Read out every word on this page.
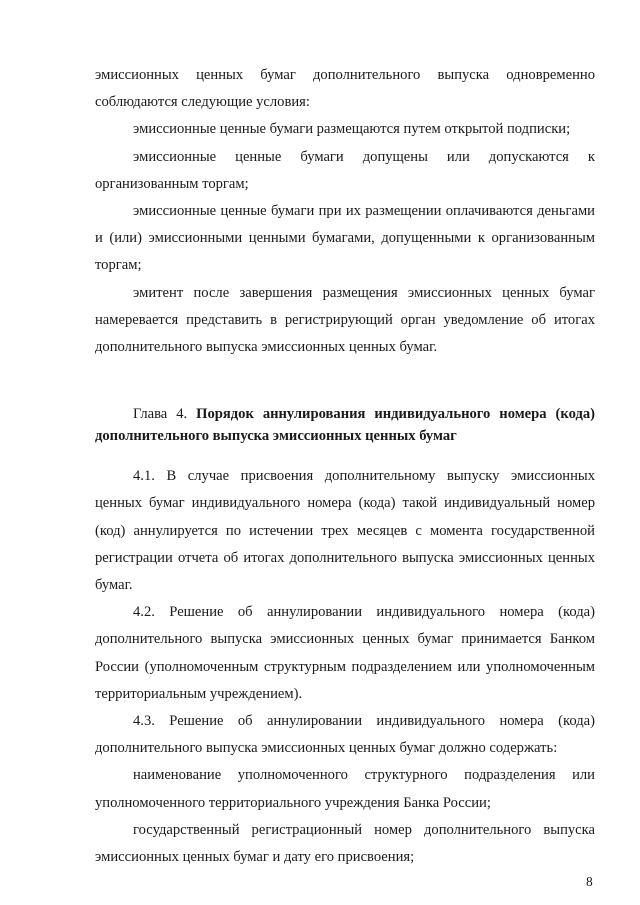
эмиссионных ценных бумаг дополнительного выпуска одновременно соблюдаются следующие условия:

эмиссионные ценные бумаги размещаются путем открытой подписки;

эмиссионные ценные бумаги допущены или допускаются к организованным торгам;

эмиссионные ценные бумаги при их размещении оплачиваются деньгами и (или) эмиссионными ценными бумагами, допущенными к организованным торгам;

эмитент после завершения размещения эмиссионных ценных бумаг намеревается представить в регистрирующий орган уведомление об итогах дополнительного выпуска эмиссионных ценных бумаг.

Глава 4. Порядок аннулирования индивидуального номера (кода) дополнительного выпуска эмиссионных ценных бумаг

4.1. В случае присвоения дополнительному выпуску эмиссионных ценных бумаг индивидуального номера (кода) такой индивидуальный номер (код) аннулируется по истечении трех месяцев с момента государственной регистрации отчета об итогах дополнительного выпуска эмиссионных ценных бумаг.

4.2. Решение об аннулировании индивидуального номера (кода) дополнительного выпуска эмиссионных ценных бумаг принимается Банком России (уполномоченным структурным подразделением или уполномоченным территориальным учреждением).

4.3. Решение об аннулировании индивидуального номера (кода) дополнительного выпуска эмиссионных ценных бумаг должно содержать:

наименование уполномоченного структурного подразделения или уполномоченного территориального учреждения Банка России;

государственный регистрационный номер дополнительного выпуска эмиссионных ценных бумаг и дату его присвоения;

8
